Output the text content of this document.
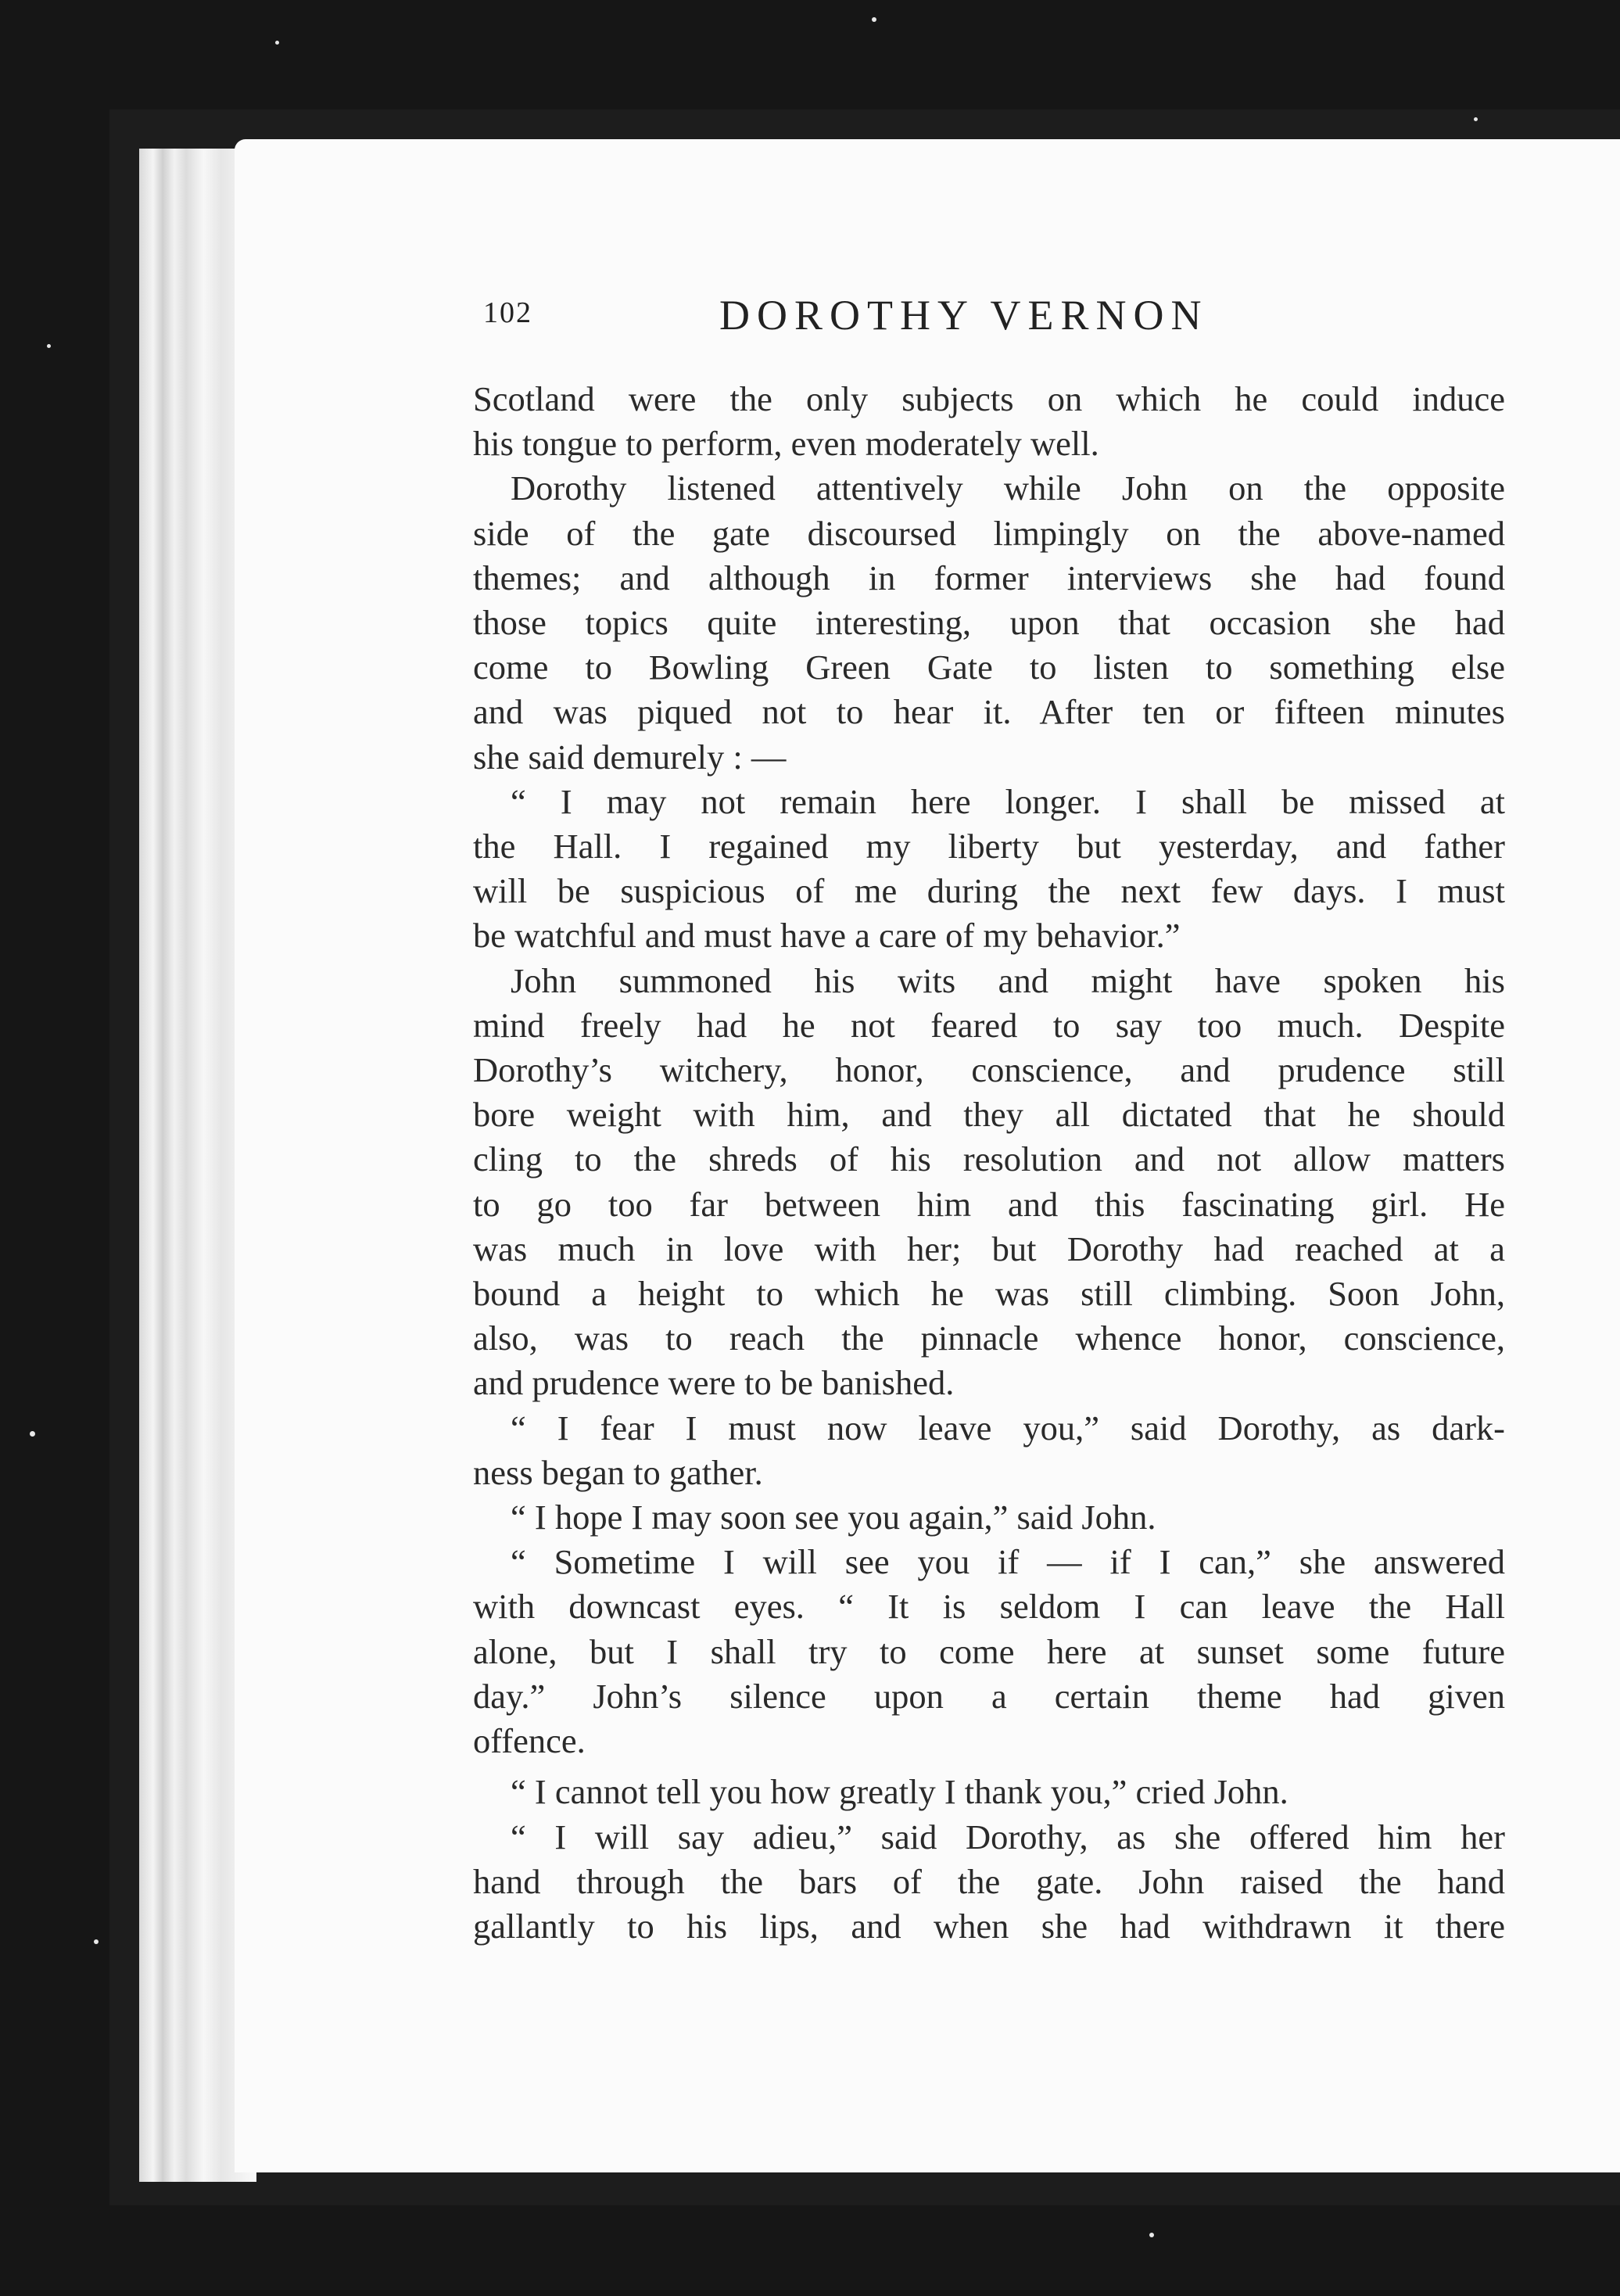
102	DOROTHY VERNON
Scotland were the only subjects on which he could induce
his tongue to perform, even moderately well.
Dorothy listened attentively while John on the opposite
side of the gate discoursed limpingly on the above-named
themes; and although in former interviews she had found
those topics quite interesting, upon that occasion she had
come to Bowling Green Gate to listen to something else
and was piqued not to hear it. After ten or fifteen minutes
she said demurely : —
“ I may not remain here longer. I shall be missed at
the Hall. I regained my liberty but yesterday, and father
will be suspicious of me during the next few days. I must
be watchful and must have a care of my behavior.”
John summoned his wits and might have spoken his
mind freely had he not feared to say too much. Despite
Dorothy’s witchery, honor, conscience, and prudence still
bore weight with him, and they all dictated that he should
cling to the shreds of his resolution and not allow matters
to go too far between him and this fascinating girl. He
was much in love with her; but Dorothy had reached at a
bound a height to which he was still climbing. Soon John,
also, was to reach the pinnacle whence honor, conscience,
and prudence were to be banished.
“ I fear I must now leave you,” said Dorothy, as dark-
ness began to gather.
“ I hope I may soon see you again,” said John.
“ Sometime I will see you if — if I can,” she answered
with downcast eyes. “ It is seldom I can leave the Hall
alone, but I shall try to come here at sunset some future
day.” John’s silence upon a certain theme had given
offence.
“ I cannot tell you how greatly I thank you,” cried John.
“ I will say adieu,” said Dorothy, as she offered him her
hand through the bars of the gate. John raised the hand
gallantly to his lips, and when she had withdrawn it there
